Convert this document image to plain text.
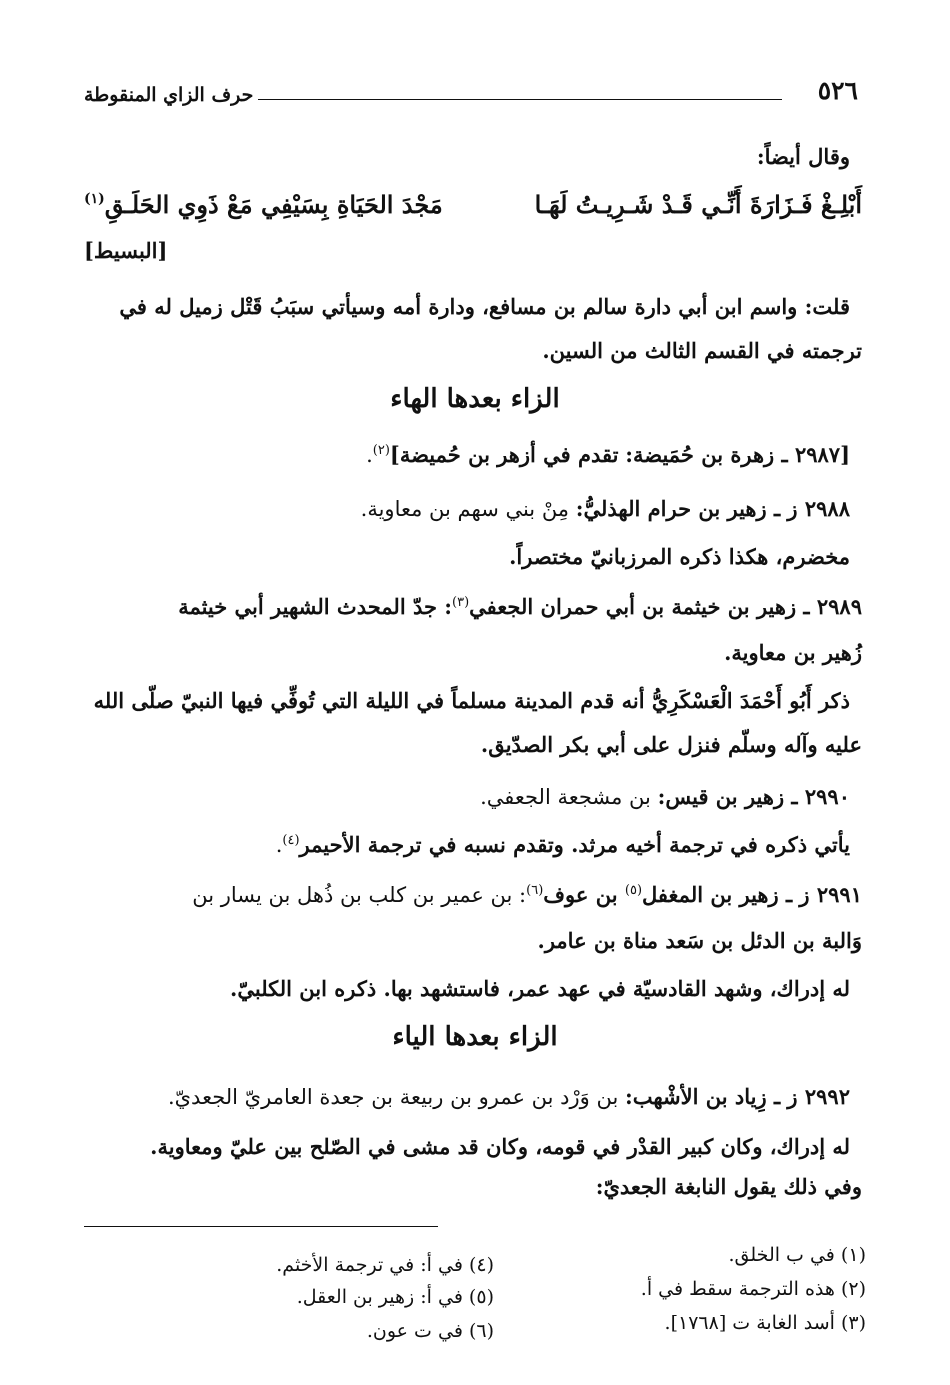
٥٢٦
حرف الزاي المنقوطة
وقال أيضاً:
أَبْلِـغْ فَـزَارَةَ أَنِّـي قَـدْ شَـرِيـتُ لَهَـا
مَجْدَ الحَيَاةِ بِسَيْفِي مَعْ ذَوِي الحَلَـقِ$^{(١)}$
[البسيط]
قلت: واسم ابن أبي دارة سالم بن مسافع، ودارة أمه وسيأتي سبَبُ قَتْل زميل له في
ترجمته في القسم الثالث من السين.
الزاء بعدها الهاء
[٢٩٨٧ ـ زهرة بن حُمَيضة: تقدم في أزهر بن حُميضة]$^{(٢)}$.
٢٩٨٨ ز ـ زهير بن حرام الهذليُّ: مِنْ بني سهم بن معاوية.
مخضرم، هكذا ذكره المرزبانيّ مختصراً.
٢٩٨٩ ـ زهير بن خيثمة بن أبي حمران الجعفي$^{(٣)}$: جدّ المحدث الشهير أبي خيثمة
زُهير بن معاوية.
ذكر أَبُو أَحْمَدَ الْعَسْكَرِيُّ أنه قدم المدينة مسلماً في الليلة التي تُوفِّي فيها النبيّ صلّى الله
عليه وآله وسلّم فنزل على أبي بكر الصدّيق.
٢٩٩٠ ـ زهير بن قيس: بن مشجعة الجعفي.
يأتي ذكره في ترجمة أخيه مرثد. وتقدم نسبه في ترجمة الأحيمر$^{(٤)}$.
٢٩٩١ ز ـ زهير بن المغفل$^{(٥)}$ بن عوف$^{(٦)}$: بن عمير بن كلب بن ذُهل بن يسار بن
وَالبة بن الدئل بن سَعد مناة بن عامر.
له إدراك، وشهد القادسيّة في عهد عمر، فاستشهد بها. ذكره ابن الكلبيّ.
الزاء بعدها الياء
٢٩٩٢ ز ـ زِياد بن الأشْهب: بن وَرْد بن عمرو بن ربيعة بن جعدة العامريّ الجعديّ.
له إدراك، وكان كبير القدْر في قومه، وكان قد مشى في الصّلح بين عليّ ومعاوية.
وفي ذلك يقول النابغة الجعديّ:
(١) في ب الخلق.
(٢) هذه الترجمة سقط في أ.
(٣) أسد الغابة ت [١٧٦٨].
(٤) في أ: في ترجمة الأخثم.
(٥) في أ: زهير بن العقل.
(٦) في ت عون.
